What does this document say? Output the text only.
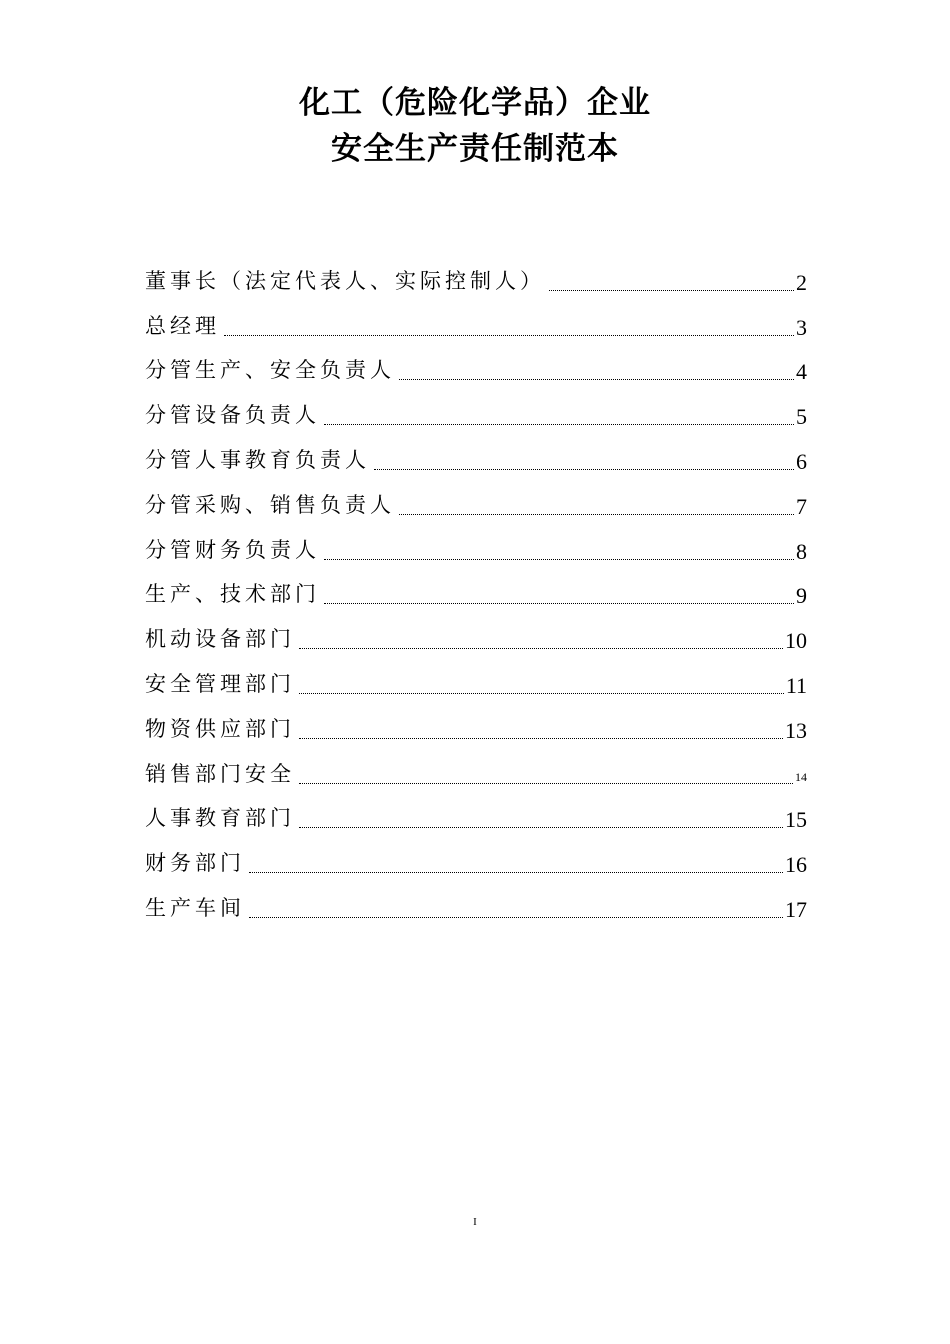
化工（危险化学品）企业
安全生产责任制范本
董事长（法定代表人、实际控制人）	2
总经理	3
分管生产、安全负责人	4
分管设备负责人	5
分管人事教育负责人	6
分管采购、销售负责人	7
分管财务负责人	8
生产、技术部门	9
机动设备部门	10
安全管理部门	11
物资供应部门	13
销售部门安全	14
人事教育部门	15
财务部门	16
生产车间	17
I
